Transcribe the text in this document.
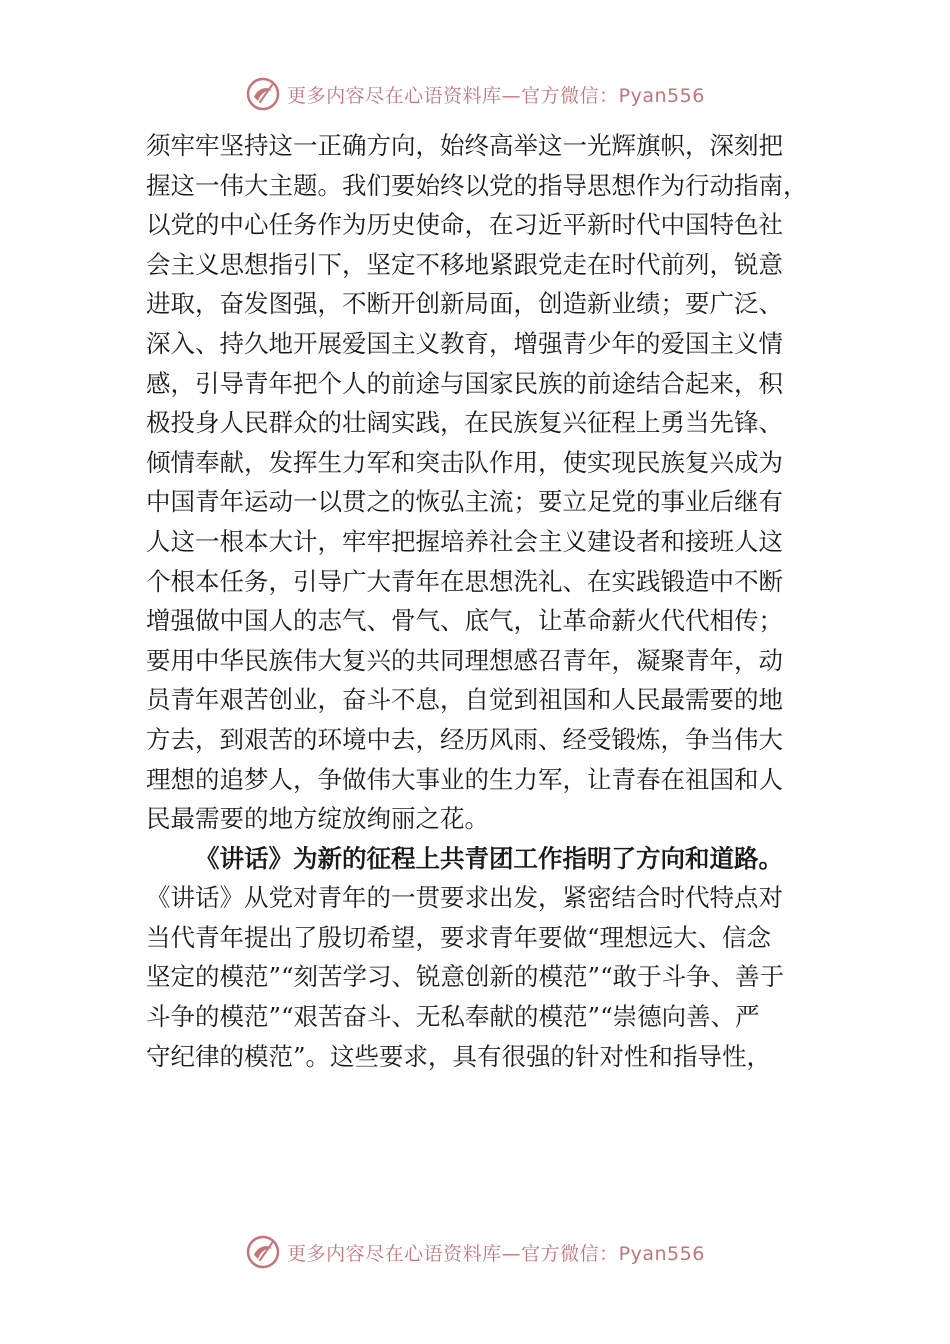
更多内容尽在心语资料库—官方微信：Pyan556
须牢牢坚持这一正确方向，始终高举这一光辉旗帜，深刻把
握这一伟大主题。我们要始终以党的指导思想作为行动指南，
以党的中心任务作为历史使命，在习近平新时代中国特色社
会主义思想指引下，坚定不移地紧跟党走在时代前列，锐意
进取，奋发图强，不断开创新局面，创造新业绩；要广泛、
深入、持久地开展爱国主义教育，增强青少年的爱国主义情
感，引导青年把个人的前途与国家民族的前途结合起来，积
极投身人民群众的壮阔实践，在民族复兴征程上勇当先锋、
倾情奉献，发挥生力军和突击队作用，使实现民族复兴成为
中国青年运动一以贯之的恢弘主流；要立足党的事业后继有
人这一根本大计，牢牢把握培养社会主义建设者和接班人这
个根本任务，引导广大青年在思想洗礼、在实践锻造中不断
增强做中国人的志气、骨气、底气，让革命薪火代代相传；
要用中华民族伟大复兴的共同理想感召青年，凝聚青年，动
员青年艰苦创业，奋斗不息，自觉到祖国和人民最需要的地
方去，到艰苦的环境中去，经历风雨、经受锻炼，争当伟大
理想的追梦人，争做伟大事业的生力军，让青春在祖国和人
民最需要的地方绽放绚丽之花。
《讲话》为新的征程上共青团工作指明了方向和道路。
《讲话》从党对青年的一贯要求出发，紧密结合时代特点对
当代青年提出了殷切希望，要求青年要做“理想远大、信念
坚定的模范”“刻苦学习、锐意创新的模范”“敢于斗争、善于
斗争的模范”“艰苦奋斗、无私奉献的模范”“崇德向善、严
守纪律的模范”。这些要求，具有很强的针对性和指导性，
更多内容尽在心语资料库—官方微信：Pyan556
